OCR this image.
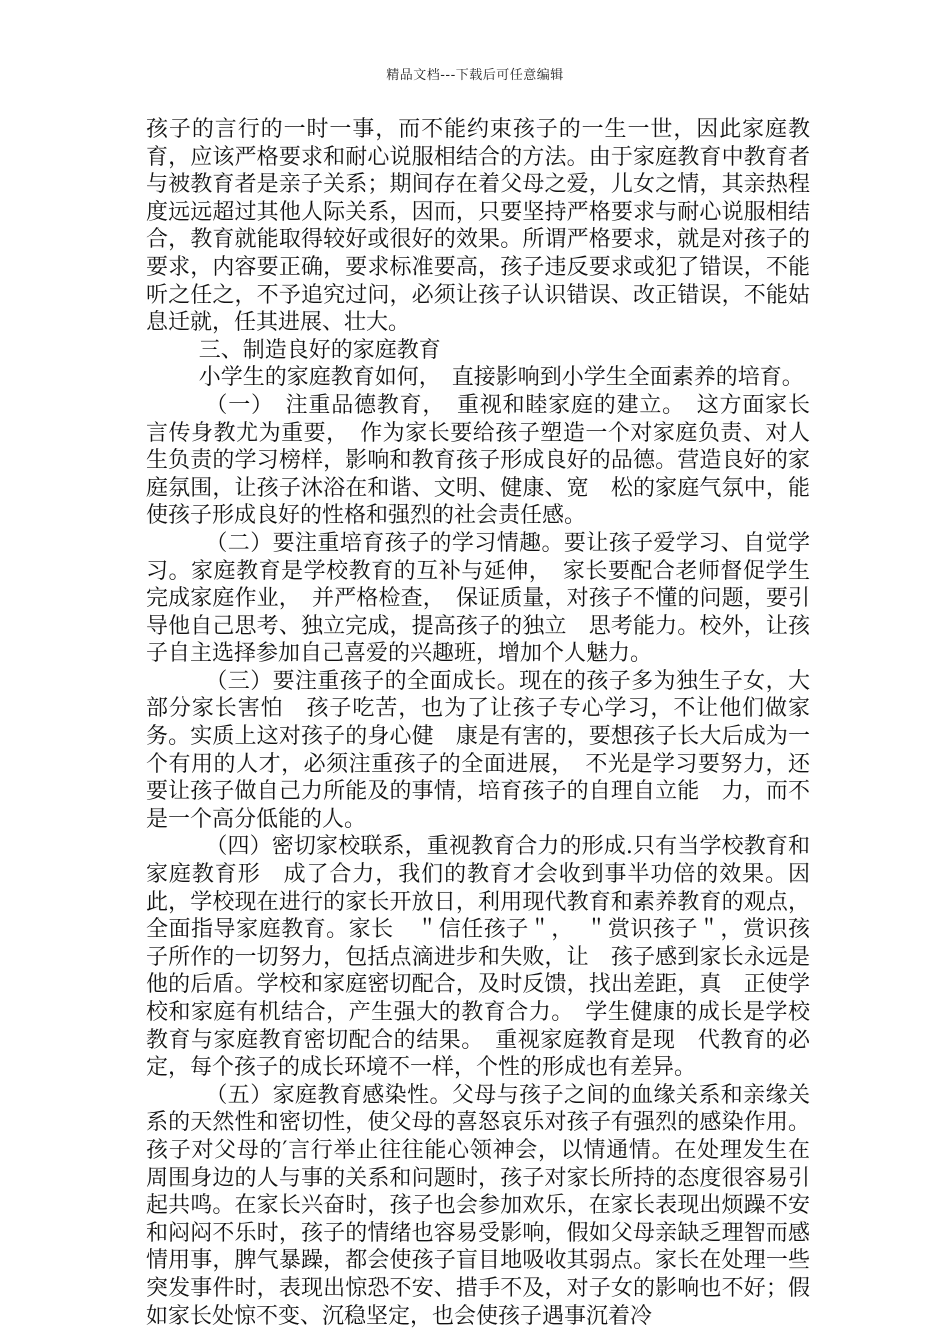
精品文档---下载后可任意编辑

孩子的言行的一时一事，而不能约束孩子的一生一世，因此家庭教育，应该严格要求和耐心说服相结合的方法。由于家庭教育中教育者与被教育者是亲子关系；期间存在着父母之爱，儿女之情，其亲热程度远远超过其他人际关系，因而，只要坚持严格要求与耐心说服相结合，教育就能取得较好或很好的效果。所谓严格要求，就是对孩子的要求，内容要正确，要求标准要高，孩子违反要求或犯了错误，不能听之任之，不予追究过问，必须让孩子认识错误、改正错误，不能姑息迁就，任其进展、壮大。

三、制造良好的家庭教育

小学生的家庭教育如何，　直接影响到小学生全面素养的培育。

（一）　注重品德教育，　重视和睦家庭的建立。　这方面家长言传身教尤为重要，　作为家长要给孩子塑造一个对家庭负责、对人生负责的学习榜样，影响和教育孩子形成良好的品德。营造良好的家庭氛围，让孩子沐浴在和谐、文明、健康、宽　松的家庭气氛中，能使孩子形成良好的性格和强烈的社会责任感。

（二）要注重培育孩子的学习情趣。要让孩子爱学习、自觉学习。家庭教育是学校教育的互补与延伸，　家长要配合老师督促学生完成家庭作业，　并严格检查，　保证质量，对孩子不懂的问题，要引导他自己思考、独立完成，提高孩子的独立　思考能力。校外，让孩子自主选择参加自己喜爱的兴趣班，增加个人魅力。

（三）要注重孩子的全面成长。现在的孩子多为独生子女，大部分家长害怕　孩子吃苦，也为了让孩子专心学习，不让他们做家务。实质上这对孩子的身心健　康是有害的，要想孩子长大后成为一个有用的人才，必须注重孩子的全面进展，　不光是学习要努力，还要让孩子做自己力所能及的事情，培育孩子的自理自立能　力，而不是一个高分低能的人。

（四）密切家校联系，重视教育合力的形成.只有当学校教育和家庭教育形　成了合力，我们的教育才会收到事半功倍的效果。因此，学校现在进行的家长开放日，利用现代教育和素养教育的观点，全面指导家庭教育。家长　＂信任孩子＂，　＂赏识孩子＂，赏识孩子所作的一切努力，包括点滴进步和失败，让　孩子感到家长永远是他的后盾。学校和家庭密切配合，及时反馈，找出差距，真　正使学校和家庭有机结合，产生强大的教育合力。　学生健康的成长是学校教育与家庭教育密切配合的结果。　重视家庭教育是现　代教育的必定，每个孩子的成长环境不一样，个性的形成也有差异。

（五）家庭教育感染性。父母与孩子之间的血缘关系和亲缘关系的天然性和密切性，使父母的喜怒哀乐对孩子有强烈的感染作用。孩子对父母的′言行举止往往能心领神会，以情通情。在处理发生在周围身边的人与事的关系和问题时，孩子对家长所持的态度很容易引起共鸣。在家长兴奋时，孩子也会参加欢乐，在家长表现出烦躁不安和闷闷不乐时，孩子的情绪也容易受影响，假如父母亲缺乏理智而感情用事，脾气暴躁，都会使孩子盲目地吸收其弱点。家长在处理一些突发事件时，表现出惊恐不安、措手不及，对子女的影响也不好；假如家长处惊不变、沉稳坚定，也会使孩子遇事沉着冷
